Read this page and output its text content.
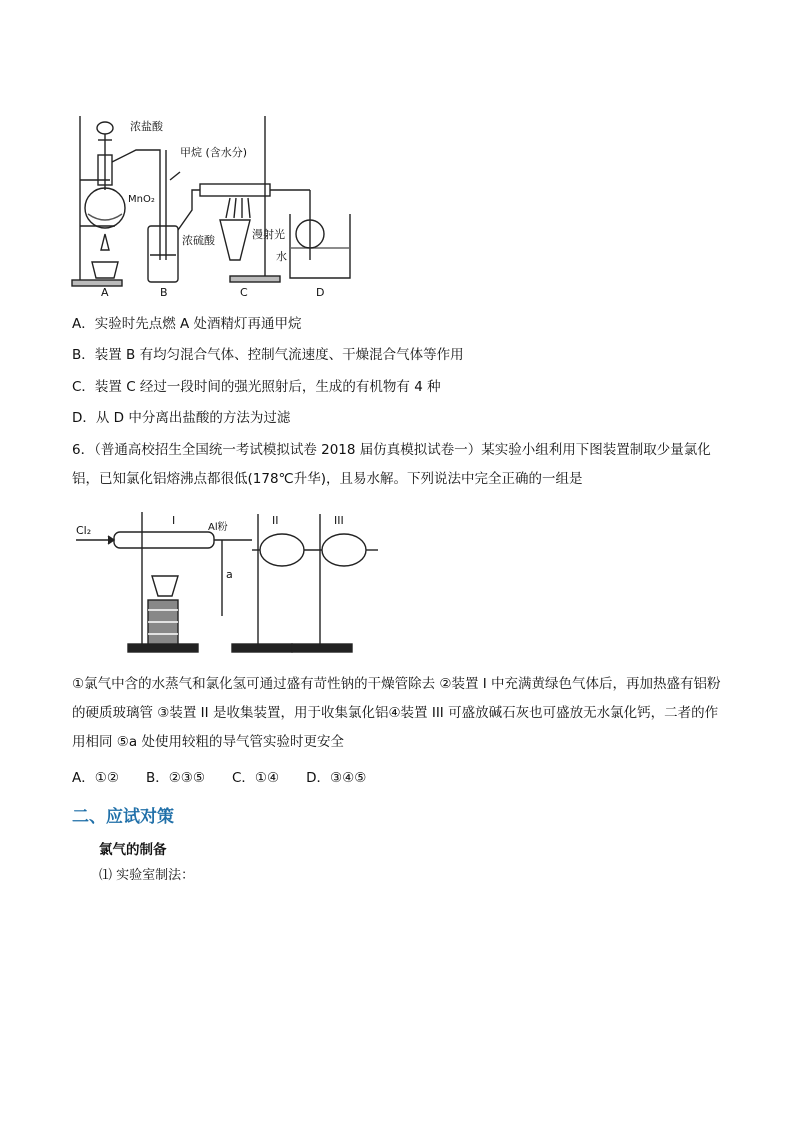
浓盐酸
甲烷 (含水分)
MnO₂
浓硫酸	漫射光
水
A	B	C	D
A．实验时先点燃 A 处酒精灯再通甲烷
B．装置 B 有均匀混合气体、控制气流速度、干燥混合气体等作用
C．装置 C 经过一段时间的强光照射后，生成的有机物有 4 种
D．从 D 中分离出盐酸的方法为过滤
6．（普通高校招生全国统一考试模拟试卷 2018 届仿真模拟试卷一）某实验小组利用下图装置制取少量氯化铝，已知氯化铝熔沸点都很低(178℃升华)，且易水解。下列说法中完全正确的一组是
Cl₂
I
Al粉
II	III
a
①氯气中含的水蒸气和氯化氢可通过盛有苛性钠的干燥管除去 ②装置 I 中充满黄绿色气体后，再加热盛有铝粉的硬质玻璃管 ③装置 II 是收集装置，用于收集氯化铝④装置 III 可盛放碱石灰也可盛放无水氯化钙，二者的作用相同 ⑤a 处使用较粗的导气管实验时更安全
A．①②　　B．②③⑤　　C．①④　　D．③④⑤
二、应试对策
氯气的制备
⑴ 实验室制法：
